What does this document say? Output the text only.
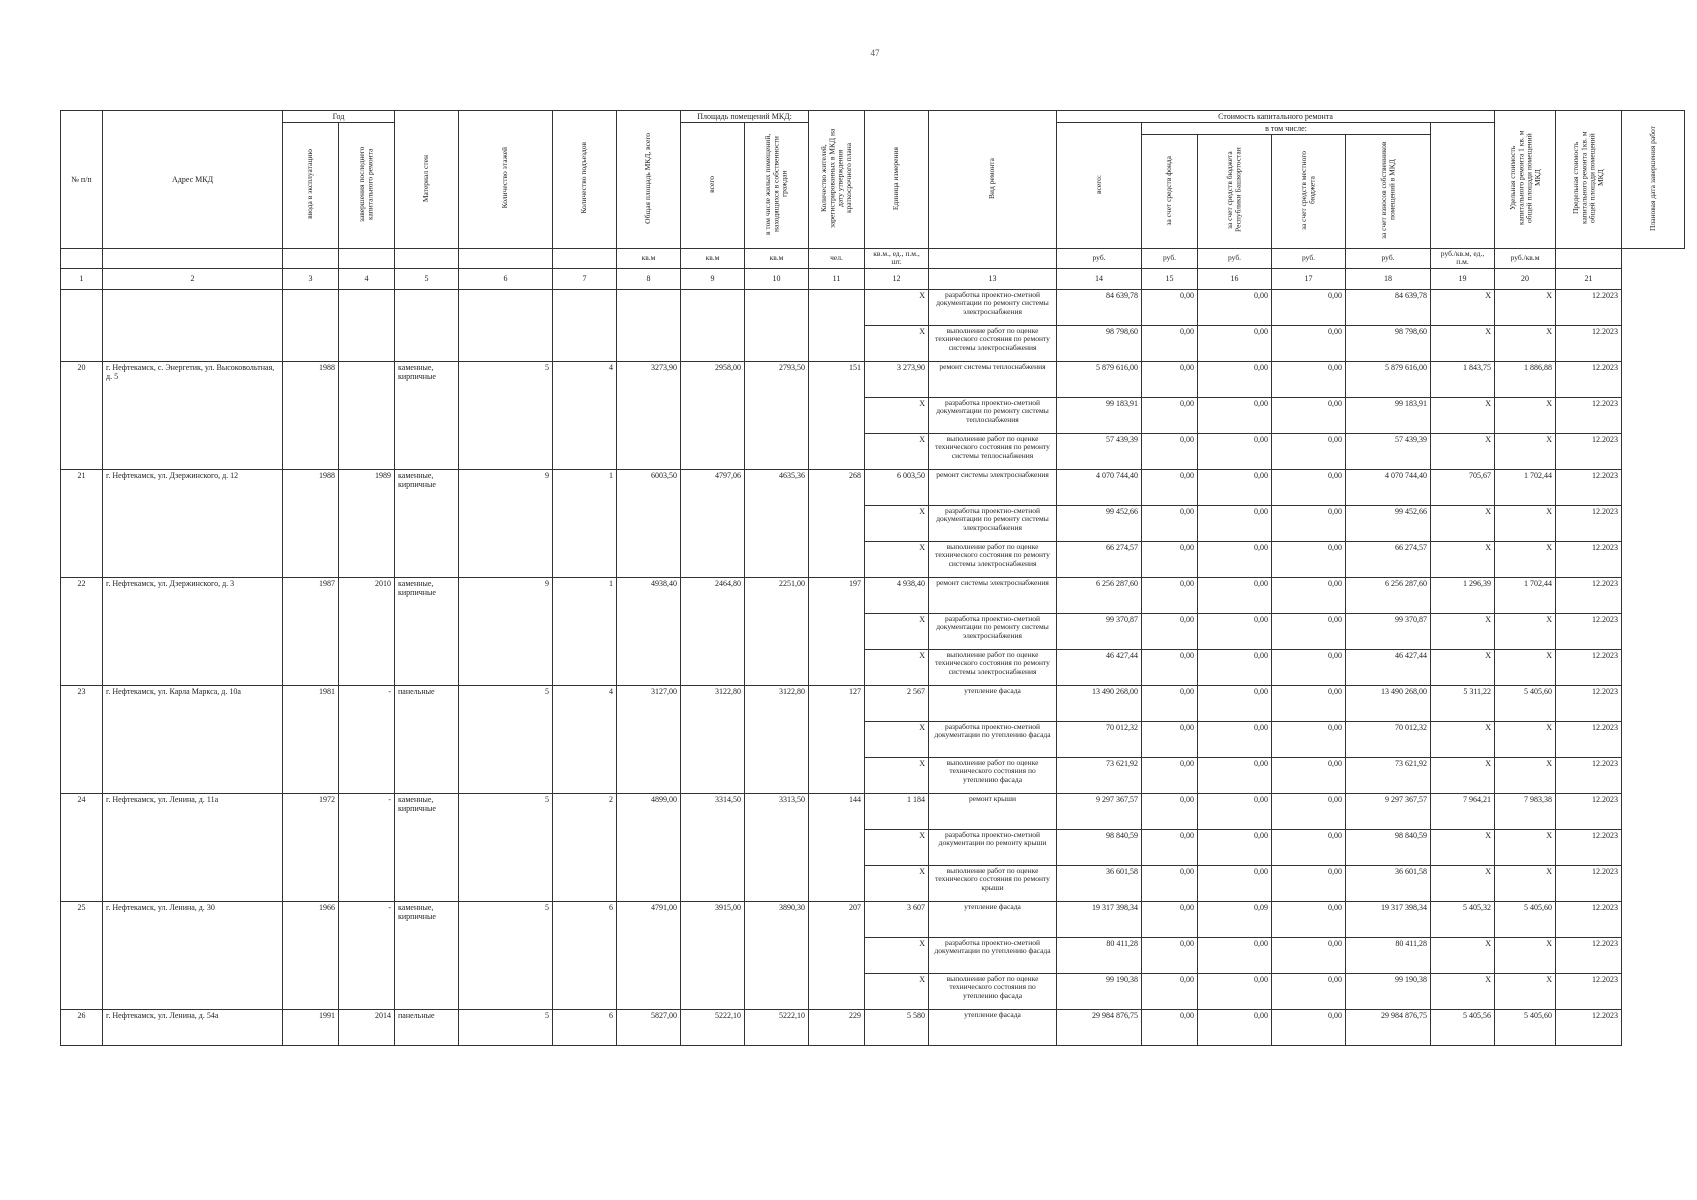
47
№ п/п	Адрес МКД	Год		Материал стен	Количество этажей	Количество подъездов	Общая площадь МКД, всего	Площадь помещений МКД:		Количество жителей, зарегистрированных в МКД на дату утверждения краткосрочного плана	Единица измерения	Вид ремонта	Стоимость капитального ремонта						Удельная стоимость капитального ремонта 1 кв. м общей площади помещений МКД	Предельная стоимость капитального ремонта 1кв. м общей площади помещений МКД	Плановая дата завершения работ
		ввода в эксплуатацию	завершения последнего капитального ремонта					всего	в том числе жилых помещений, находящихся в собственности граждан				всего:	в том числе:							
														за счет средств фонда	за счет средств бюджета Республики Башкортостан	за счет средств местного бюджета	за счет взносов собственников помещений в МКД				
							кв.м	кв.м	кв.м	чел.	кв.м., ед., п.м., шт.		руб.	руб.	руб.	руб.	руб.	руб./кв.м, ед., п.м.	руб./кв.м		
1	2	3	4	5	6	7	8	9	10	11	12	13	14	15	16	17	18	19	20	21	
											X	разработка проектно-сметной документации по ремонту системы электроснабжения	84 639,78	0,00	0,00	0,00	84 639,78	X	X	12.2023	
											X	выполнение работ по оценке технического состояния по ремонту системы электроснабжения	98 798,60	0,00	0,00	0,00	98 798,60	X	X	12.2023	
20	г. Нефтекамск, с. Энергетик, ул. Высоковольтная, д. 5	1988		каменные, кирпичные	5	4	3273,90	2958,00	2793,50	151	3 273,90	ремонт системы теплоснабжения	5 879 616,00	0,00	0,00	0,00	5 879 616,00	1 843,75	1 886,88	12.2023	
											X	разработка проектно-сметной документации по ремонту системы теплоснабжения	99 183,91	0,00	0,00	0,00	99 183,91	X	X	12.2023	
											X	выполнение работ по оценке технического состояния по ремонту системы теплоснабжения	57 439,39	0,00	0,00	0,00	57 439,39	X	X	12.2023	
21	г. Нефтекамск, ул. Дзержинского, д. 12	1988	1989	каменные, кирпичные	9	1	6003,50	4797,06	4635,36	268	6 003,50	ремонт системы электроснабжения	4 070 744,40	0,00	0,00	0,00	4 070 744,40	705,67	1 702,44	12.2023	
											X	разработка проектно-сметной документации по ремонту системы электроснабжения	99 452,66	0,00	0,00	0,00	99 452,66	X	X	12.2023	
											X	выполнение работ по оценке технического состояния по ремонту системы электроснабжения	66 274,57	0,00	0,00	0,00	66 274,57	X	X	12.2023	
22	г. Нефтекамск, ул. Дзержинского, д. 3	1987	2010	каменные, кирпичные	9	1	4938,40	2464,80	2251,00	197	4 938,40	ремонт системы электроснабжения	6 256 287,60	0,00	0,00	0,00	6 256 287,60	1 296,39	1 702,44	12.2023	
											X	разработка проектно-сметной документации по ремонту системы электроснабжения	99 370,87	0,00	0,00	0,00	99 370,87	X	X	12.2023	
											X	выполнение работ по оценке технического состояния по ремонту системы электроснабжения	46 427,44	0,00	0,00	0,00	46 427,44	X	X	12.2023	
23	г. Нефтекамск, ул. Карла Маркса, д. 10а	1981	-	панельные	5	4	3127,00	3122,80	3122,80	127	2 567	утепление фасада	13 490 268,00	0,00	0,00	0,00	13 490 268,00	5 311,22	5 405,60	12.2023	
											X	разработка проектно-сметной документации по утеплению фасада	70 012,32	0,00	0,00	0,00	70 012,32	X	X	12.2023	
											X	выполнение работ по оценке технического состояния по утеплению фасада	73 621,92	0,00	0,00	0,00	73 621,92	X	X	12.2023	
24	г. Нефтекамск, ул. Ленина, д. 11а	1972	-	каменные, кирпичные	5	2	4899,00	3314,50	3313,50	144	1 184	ремонт крыши	9 297 367,57	0,00	0,00	0,00	9 297 367,57	7 964,21	7 983,38	12.2023	
											X	разработка проектно-сметной документации по ремонту крыши	98 840,59	0,00	0,00	0,00	98 840,59	X	X	12.2023	
											X	выполнение работ по оценке технического состояния по ремонту крыши	36 601,58	0,00	0,00	0,00	36 601,58	X	X	12.2023	
25	г. Нефтекамск, ул. Ленина, д. 30	1966	-	каменные, кирпичные	5	6	4791,00	3915,00	3890,30	207	3 607	утепление фасада	19 317 398,34	0,00	0,09	0,00	19 317 398,34	5 405,32	5 405,60	12.2023	
											X	разработка проектно-сметной документации по утеплению фасада	80 411,28	0,00	0,00	0,00	80 411,28	X	X	12.2023	
											X	выполнение работ по оценке технического состояния по утеплению фасада	99 190,38	0,00	0,00	0,00	99 190,38	X	X	12.2023	
26	г. Нефтекамск, ул. Ленина, д. 54а	1991	2014	панельные	5	6	5827,00	5222,10	5222,10	229	5 580	утепление фасада	29 984 876,75	0,00	0,00	0,00	29 984 876,75	5 405,56	5 405,60	12.2023	
